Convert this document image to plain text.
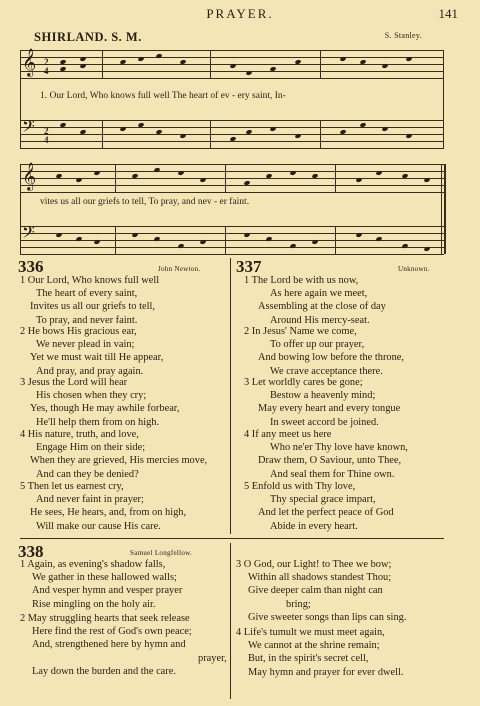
PRAYER.	141
SHIRLAND. S. M.	S. Stanley.
𝄞 2
4
𝄢 2
4
1. Our Lord, Who knows full well The heart of ev - ery saint, In-
𝄞
𝄢
vites us all our griefs to tell, To pray, and nev - er faint.
336	John Newton.
1 Our Lord, Who knows full well
The heart of every saint,
Invites us all our griefs to tell,
To pray, and never faint.
2 He bows His gracious ear,
We never plead in vain;
Yet we must wait till He appear,
And pray, and pray again.
3 Jesus the Lord will hear
His chosen when they cry;
Yes, though He may awhile forbear,
He'll help them from on high.
4 His nature, truth, and love,
Engage Him on their side;
When they are grieved, His mercies move,
And can they be denied?
5 Then let us earnest cry,
And never faint in prayer;
He sees, He hears, and, from on high,
Will make our cause His care.
337	Unknown.
1 The Lord be with us now,
As here again we meet,
Assembling at the close of day
Around His mercy-seat.
2 In Jesus' Name we come,
To offer up our prayer,
And bowing low before the throne,
We crave acceptance there.
3 Let worldly cares be gone;
Bestow a heavenly mind;
May every heart and every tongue
In sweet accord be joined.
4 If any meet us here
Who ne'er Thy love have known,
Draw them, O Saviour, unto Thee,
And seal them for Thine own.
5 Enfold us with Thy love,
Thy special grace impart,
And let the perfect peace of God
Abide in every heart.
338	Samuel Longfellow.
1 Again, as evening's shadow falls,
We gather in these hallowed walls;
And vesper hymn and vesper prayer
Rise mingling on the holy air.
2 May struggling hearts that seek release
Here find the rest of God's own peace;
And, strengthened here by hymn and
prayer,
Lay down the burden and the care.
3 O God, our Light! to Thee we bow;
Within all shadows standest Thou;
Give deeper calm than night can
bring;
Give sweeter songs than lips can sing.
4 Life's tumult we must meet again,
We cannot at the shrine remain;
But, in the spirit's secret cell,
May hymn and prayer for ever dwell.
